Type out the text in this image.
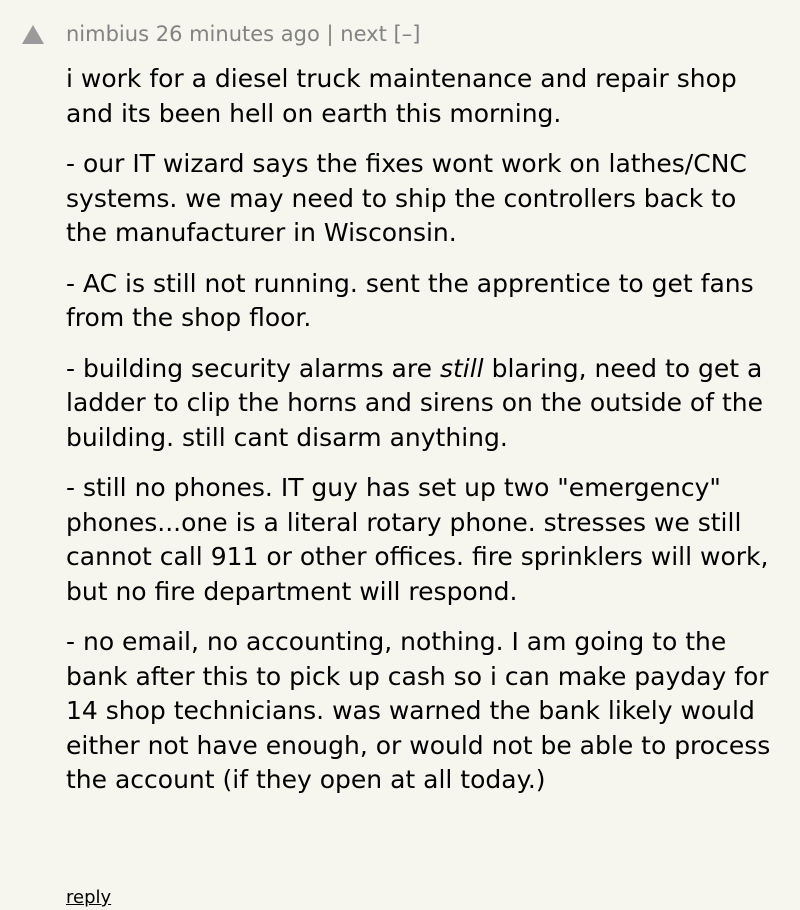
nimbius 26 minutes ago | next [–]

i work for a diesel truck maintenance and repair shop and its been hell on earth this morning.

- our IT wizard says the fixes wont work on lathes/CNC systems. we may need to ship the controllers back to the manufacturer in Wisconsin.

- AC is still not running. sent the apprentice to get fans from the shop floor.

- building security alarms are still blaring, need to get a ladder to clip the horns and sirens on the outside of the building. still cant disarm anything.

- still no phones. IT guy has set up two "emergency" phones...one is a literal rotary phone. stresses we still cannot call 911 or other offices. fire sprinklers will work, but no fire department will respond.

- no email, no accounting, nothing. I am going to the bank after this to pick up cash so i can make payday for 14 shop technicians. was warned the bank likely would either not have enough, or would not be able to process the account (if they open at all today.)

reply
